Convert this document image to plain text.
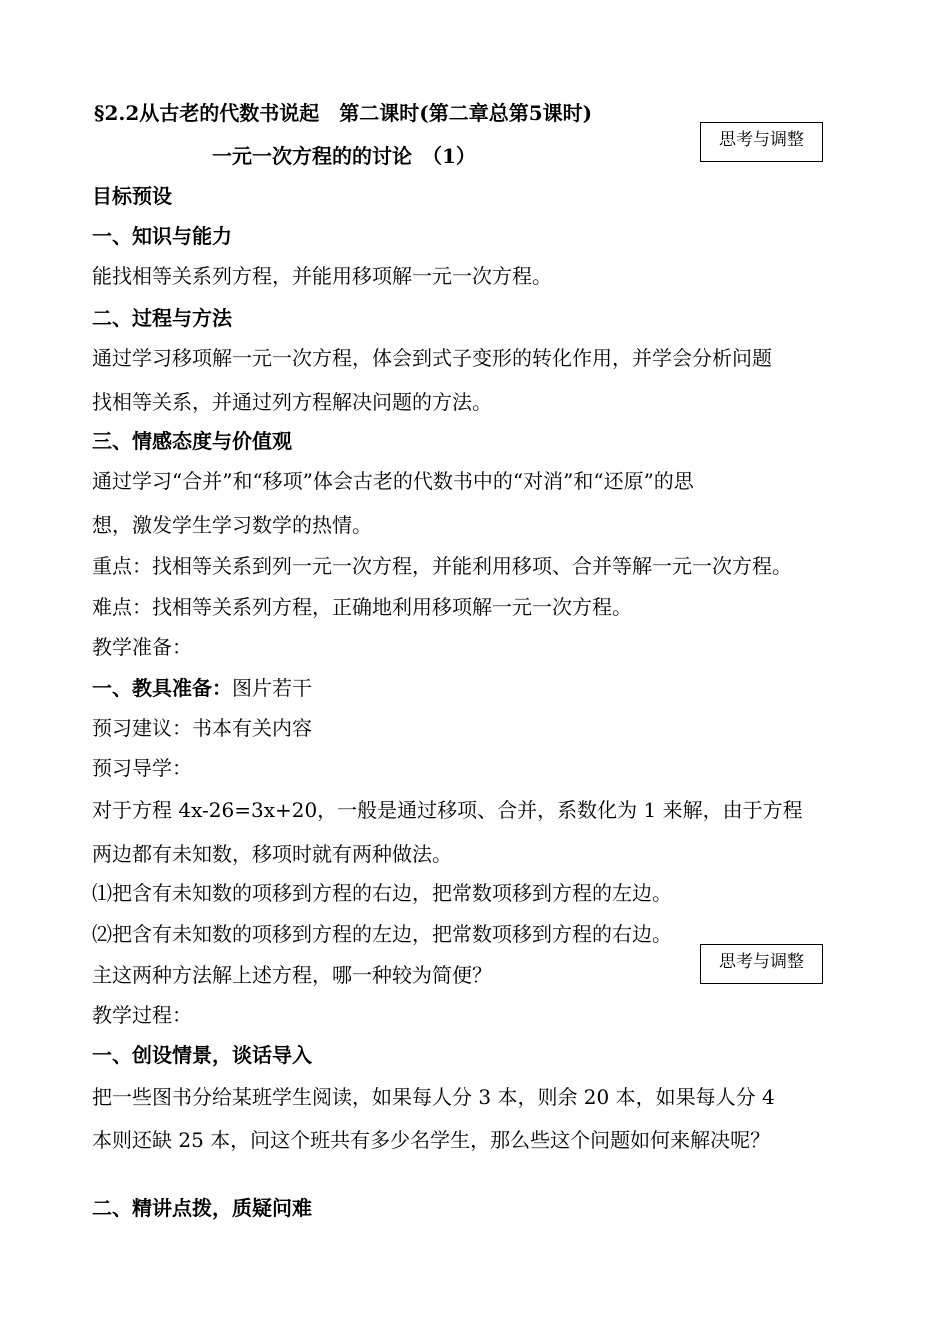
§2.2从古老的代数书说起　第二课时(第二章总第5课时)
一元一次方程的的讨论　（1）
思考与调整
目标预设
一、知识与能力
能找相等关系列方程，并能用移项解一元一次方程。
二、过程与方法
通过学习移项解一元一次方程，体会到式子变形的转化作用，并学会分析问题
找相等关系，并通过列方程解决问题的方法。
三、情感态度与价值观
通过学习“合并”和“移项”体会古老的代数书中的“对消”和“还原”的思
想，激发学生学习数学的热情。
重点：找相等关系到列一元一次方程，并能利用移项、合并等解一元一次方程。
难点：找相等关系列方程，正确地利用移项解一元一次方程。
教学准备：
一、教具准备：图片若干
预习建议：书本有关内容
预习导学：
对于方程 4x-26=3x+20，一般是通过移项、合并，系数化为 1 来解，由于方程
两边都有未知数，移项时就有两种做法。
⑴把含有未知数的项移到方程的右边，把常数项移到方程的左边。
⑵把含有未知数的项移到方程的左边，把常数项移到方程的右边。
思考与调整
主这两种方法解上述方程，哪一种较为简便？
教学过程：
一、创设情景，谈话导入
把一些图书分给某班学生阅读，如果每人分 3 本，则余 20 本，如果每人分 4
本则还缺 25 本，问这个班共有多少名学生，那么些这个问题如何来解决呢？
二、精讲点拨，质疑问难
